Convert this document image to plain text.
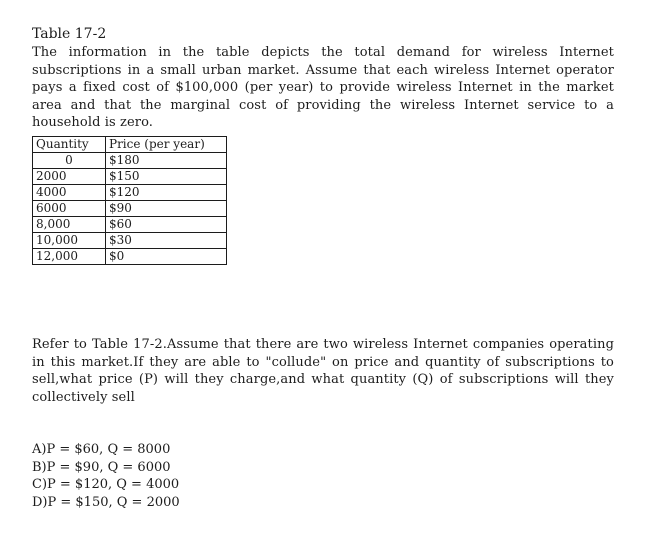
Table 17-2

The information in the table depicts the total demand for wireless Internet subscriptions in a small urban market. Assume that each wireless Internet operator pays a fixed cost of $100,000 (per year) to provide wireless Internet in the market area and that the marginal cost of providing the wireless Internet service to a household is zero.

Quantity	Price (per year)
0	$180
2000	$150
4000	$120
6000	$90
8,000	$60
10,000	$30
12,000	$0

Refer to Table 17-2.Assume that there are two wireless Internet companies operating in this market.If they are able to "collude" on price and quantity of subscriptions to sell,what price (P) will they charge,and what quantity (Q) of subscriptions will they collectively sell

A)P = $60, Q = 8000
B)P = $90, Q = 6000
C)P = $120, Q = 4000
D)P = $150, Q = 2000
